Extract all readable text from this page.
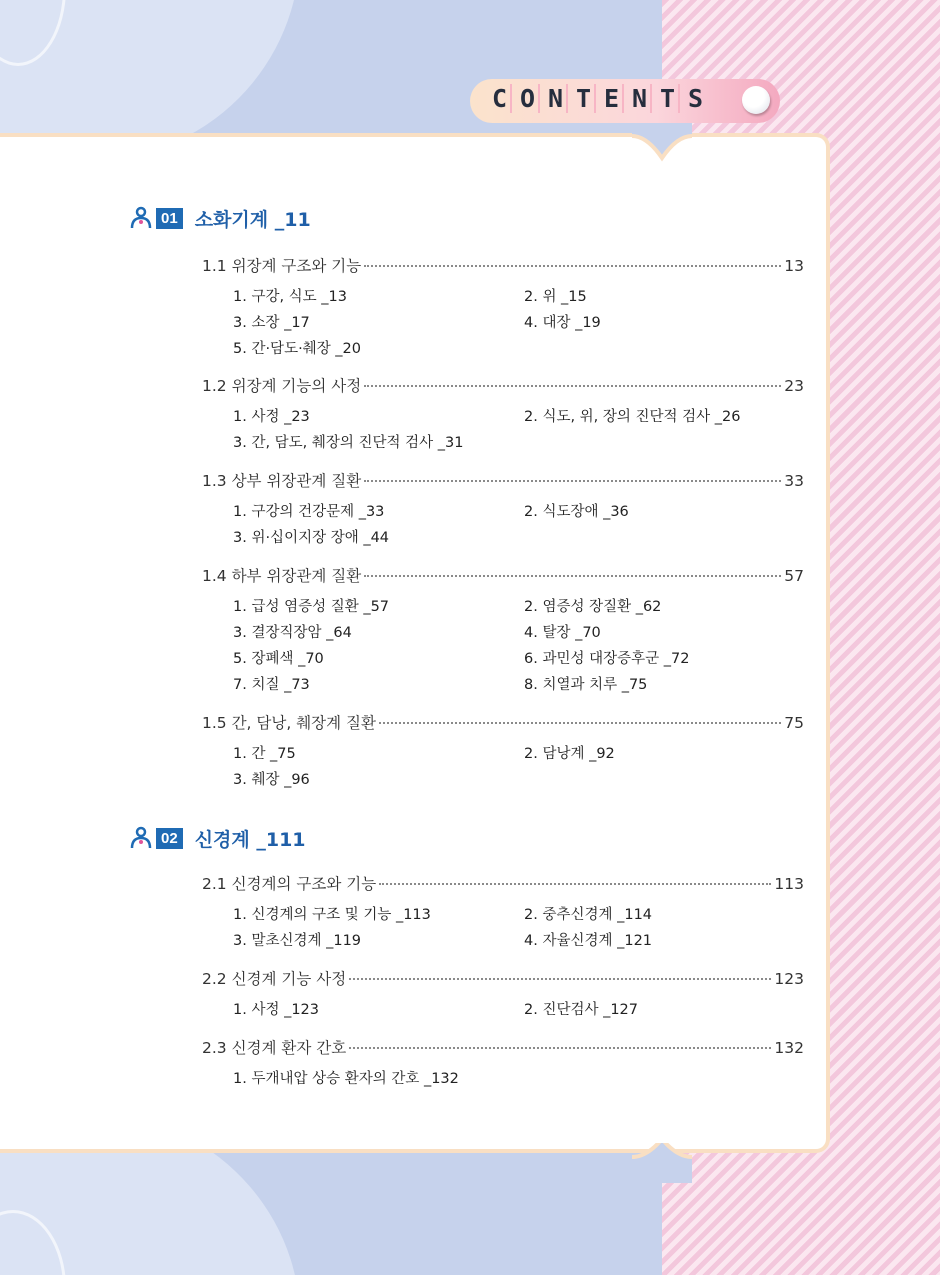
C O N T E N T S
01 소화기계 _11
1.1 위장계 구조와 기능	13
1. 구강, 식도 _13	2. 위 _15
3. 소장 _17	4. 대장 _19
5. 간·담도·췌장 _20
1.2 위장계 기능의 사정	23
1. 사정 _23	2. 식도, 위, 장의 진단적 검사 _26
3. 간, 담도, 췌장의 진단적 검사 _31
1.3 상부 위장관계 질환	33
1. 구강의 건강문제 _33	2. 식도장애 _36
3. 위·십이지장 장애 _44
1.4 하부 위장관계 질환	57
1. 급성 염증성 질환 _57	2. 염증성 장질환 _62
3. 결장직장암 _64	4. 탈장 _70
5. 장폐색 _70	6. 과민성 대장증후군 _72
7. 치질 _73	8. 치열과 치루 _75
1.5 간, 담낭, 췌장계 질환	75
1. 간 _75	2. 담낭계 _92
3. 췌장 _96
02 신경계 _111
2.1 신경계의 구조와 기능	113
1. 신경계의 구조 및 기능 _113	2. 중추신경계 _114
3. 말초신경계 _119	4. 자율신경계 _121
2.2 신경계 기능 사정	123
1. 사정 _123	2. 진단검사 _127
2.3 신경계 환자 간호	132
1. 두개내압 상승 환자의 간호 _132
